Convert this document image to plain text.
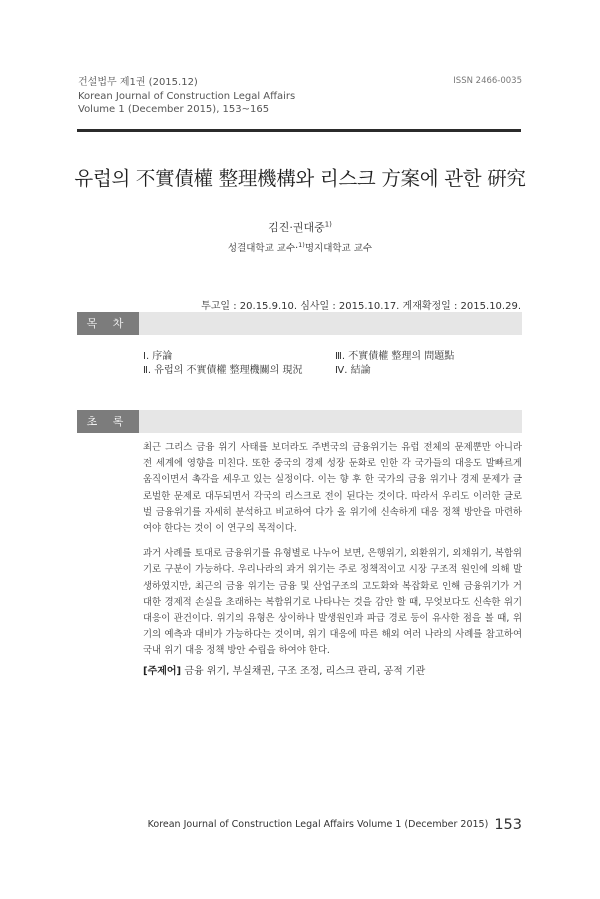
건설법무 제1권 (2015.12)
Korean Journal of Construction Legal Affairs
Volume 1 (December 2015), 153~165
ISSN 2466-0035
유럽의 不實債權 整理機構와 리스크 方案에 관한 硏究
김진·권대중$^{1)}$
성결대학교 교수·$^{1)}$명지대학교 교수
투고일 : 20.15.9.10. 심사일 : 2015.10.17. 게재확정일 : 2015.10.29.
목 차
Ⅰ. 序論
Ⅱ. 유럽의 不實債權 整理機關의 現況
Ⅲ. 不實債權 整理의 問題點
Ⅳ. 結論
초 록

최근 그리스 금융 위기 사태를 보더라도 주변국의 금융위기는 유럽 전체의 문제뿐만 아니라 전 세계에 영향을 미친다. 또한 중국의 경제 성장 둔화로 인한 각 국가들의 대응도 발빠르게 움직이면서 촉각을 세우고 있는 실정이다. 이는 향 후 한 국가의 금융 위기나 경제 문제가 글로벌한 문제로 대두되면서 각국의 리스크로 전이 된다는 것이다. 따라서 우리도 이러한 글로벌 금융위기를 자세히 분석하고 비교하여 다가 올 위기에 신속하게 대응 정책 방안을 마련하여야 한다는 것이 이 연구의 목적이다.

과거 사례를 토대로 금융위기를 유형별로 나누어 보면, 은행위기, 외환위기, 외채위기, 복합위기로 구분이 가능하다. 우리나라의 과거 위기는 주로 정책적이고 시장 구조적 원인에 의해 발생하였지만, 최근의 금융 위기는 금융 및 산업구조의 고도화와 복잡화로 인해 금융위기가 거대한 경제적 손실을 초래하는 복합위기로 나타나는 것을 감안 할 때, 무엇보다도 신속한 위기 대응이 관건이다. 위기의 유형은 상이하나 발생원인과 파급 경로 등이 유사한 점을 볼 때, 위기의 예측과 대비가 가능하다는 것이며, 위기 대응에 따른 해외 여러 나라의 사례를 참고하여 국내 위기 대응 정책 방안 수립을 하여야 한다.

[주제어] 금융 위기, 부실채권, 구조 조정, 리스크 관리, 공적 기관
Korean Journal of Construction Legal Affairs Volume 1 (December 2015) 153
